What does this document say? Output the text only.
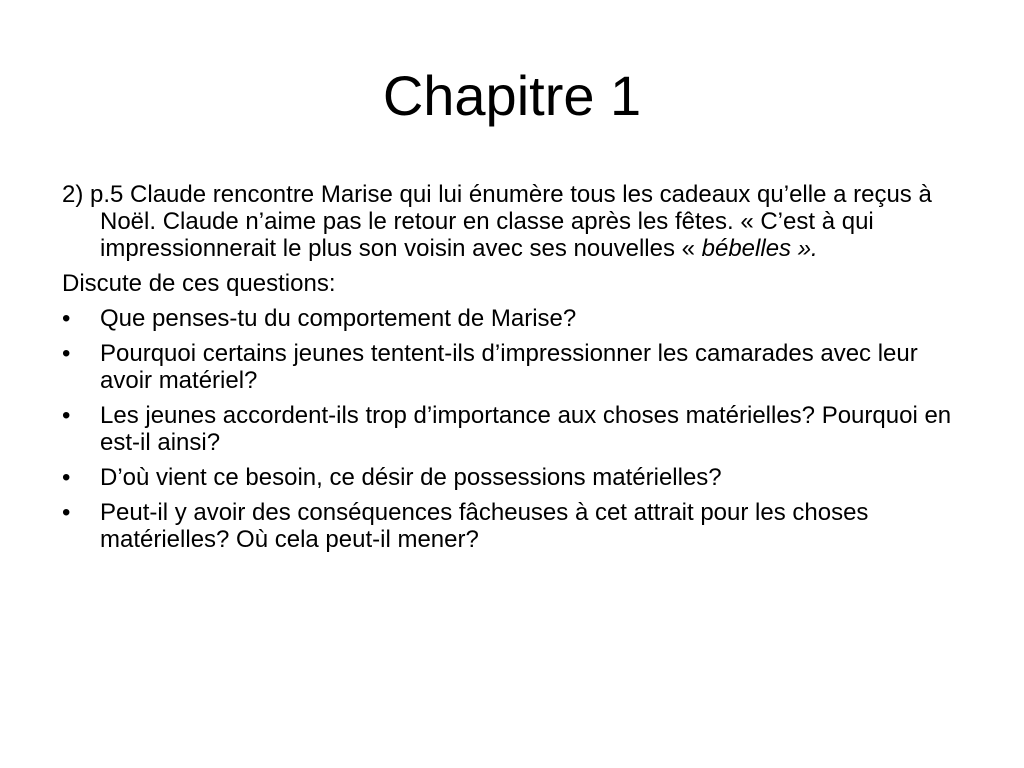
Chapitre 1

2) p.5 Claude rencontre Marise qui lui énumère tous les cadeaux qu’elle a reçus à Noël. Claude n’aime pas le retour en classe après les fêtes. « C’est à qui impressionnerait le plus son voisin avec ses nouvelles « bébelles ».

Discute de ces questions:

• Que penses-tu du comportement de Marise?
• Pourquoi certains jeunes tentent-ils d’impressionner les camarades avec leur avoir matériel?
• Les jeunes accordent-ils trop d’importance aux choses matérielles? Pourquoi en est-il ainsi?
• D’où vient ce besoin, ce désir de possessions matérielles?
• Peut-il y avoir des conséquences fâcheuses à cet attrait pour les choses matérielles? Où cela peut-il mener?
